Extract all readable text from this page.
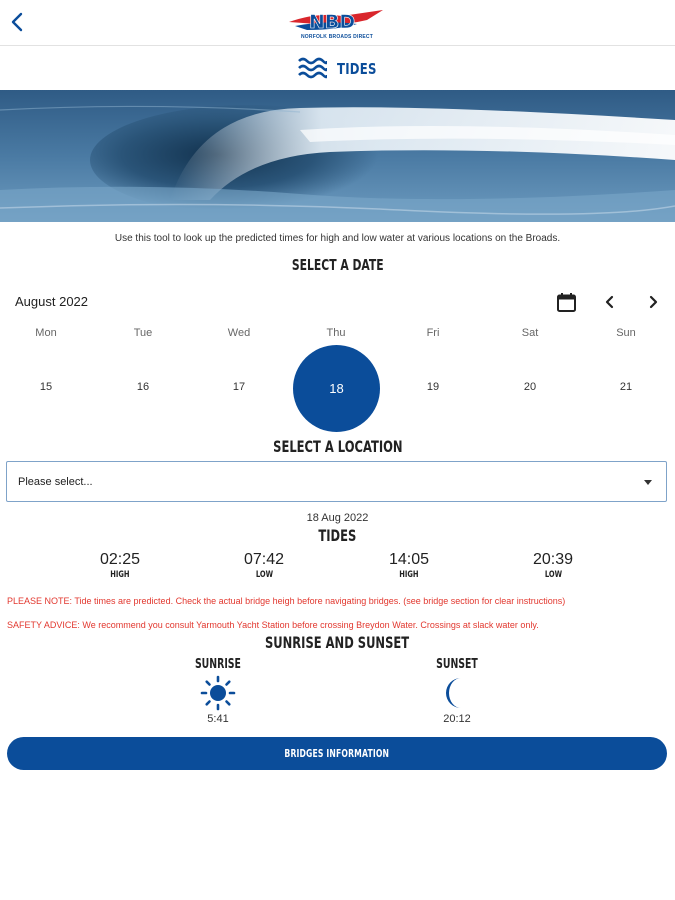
NBD
NORFOLK BROADS DIRECT
TIDES
Use this tool to look up the predicted times for high and low water at various locations on the Broads.
SELECT A DATE
August 2022
Mon	Tue	Wed	Thu	Fri	Sat	Sun
15	16	17	18	19	20	21
SELECT A LOCATION
Please select...
18 Aug 2022
TIDES
02:25
HIGH
07:42
LOW
14:05
HIGH
20:39
LOW
PLEASE NOTE: Tide times are predicted. Check the actual bridge heigh before navigating bridges. (see bridge section for clear instructions)
SAFETY ADVICE: We recommend you consult Yarmouth Yacht Station before crossing Breydon Water. Crossings at slack water only.
SUNRISE AND SUNSET
SUNRISE
5:41
SUNSET
20:12
BRIDGES INFORMATION
